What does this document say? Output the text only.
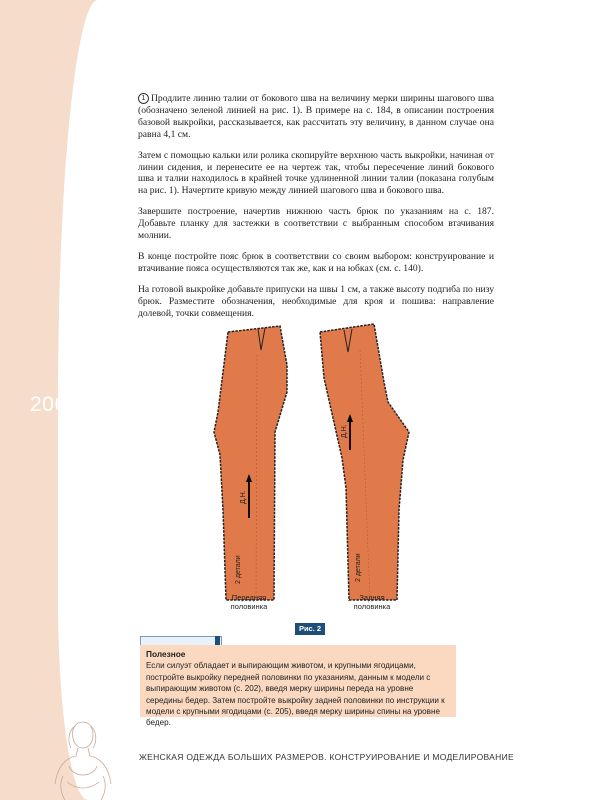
206

1 Продлите линию талии от бокового шва на величину мерки ширины шагового шва (обозначено зеленой линией на рис. 1). В примере на с. 184, в описании построения базовой выкройки, рассказывается, как рассчитать эту величину, в данном случае она равна 4,1 см.

Затем с помощью кальки или ролика скопируйте верхнюю часть выкройки, начиная от линии сидения, и перенесите ее на чертеж так, чтобы пересечение линий бокового шва и талии находилось в крайней точке удлиненной линии талии (показана голубым на рис. 1). Начертите кривую между линией шагового шва и бокового шва.

Завершите построение, начертив нижнюю часть брюк по указаниям на с. 187. Добавьте планку для застежки в соответствии с выбранным способом втачивания молнии.

В конце постройте пояс брюк в соответствии со своим выбором: конструирование и втачивание пояса осуществляются так же, как и на юбках (см. с. 140).

На готовой выкройке добавьте припуски на швы 1 см, а также высоту подгиба по низу брюк. Разместите обозначения, необходимые для кроя и пошива: направление долевой, точки совмещения.

Д.Н.
2 детали
Передняя
половинка
Д.Н.
2 детали
Задняя
половинка
Рис. 2
Полезное
Если силуэт обладает и выпирающим животом, и крупными ягодицами, постройте выкройку передней половинки по указаниям, данным к модели с выпирающим животом (с. 202), введя мерку ширины переда на уровне середины бедер. Затем постройте выкройку задней половинки по инструкции к модели с крупными ягодицами (с. 205), введя мерку ширины спины на уровне бедер.
ЖЕНСКАЯ ОДЕЖДА БОЛЬШИХ РАЗМЕРОВ. КОНСТРУИРОВАНИЕ И МОДЕЛИРОВАНИЕ
